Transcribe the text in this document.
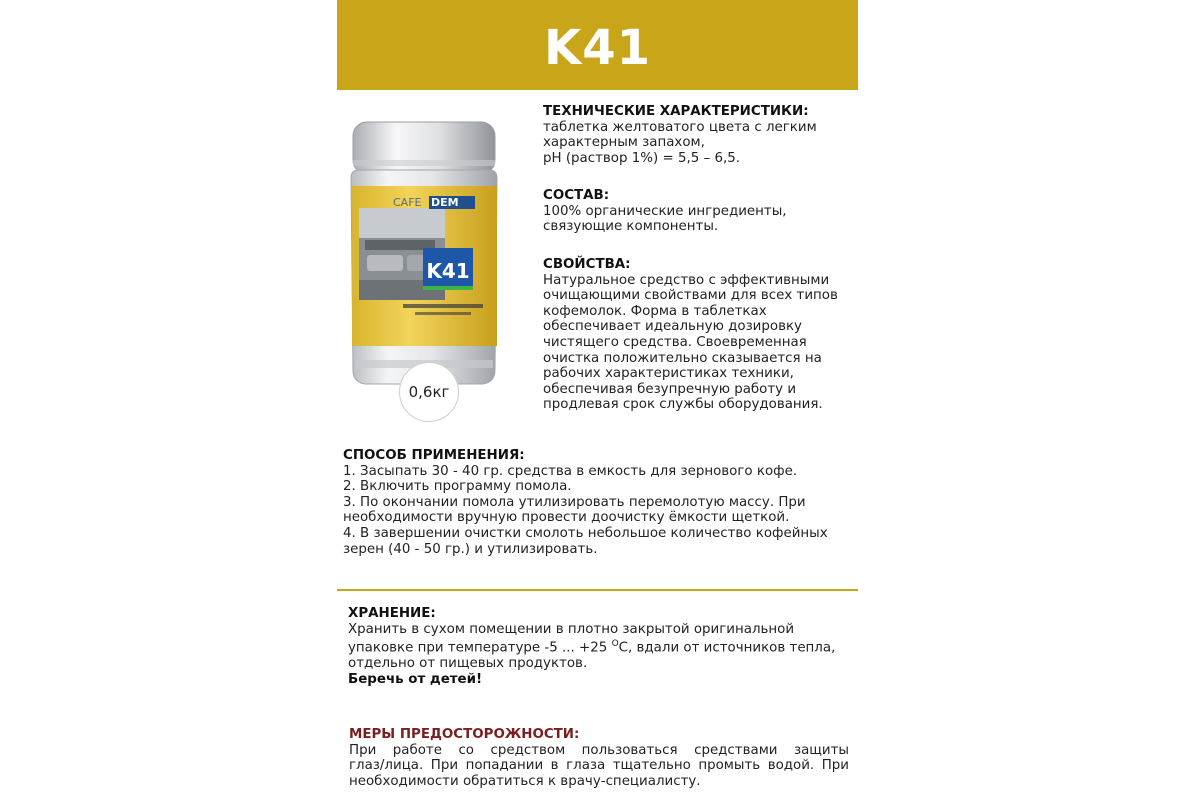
K41
CAFE DEM
K41
0,6кг
ТЕХНИЧЕСКИЕ ХАРАКТЕРИСТИКИ:
таблетка желтоватого цвета с легким
характерным запахом,
pH (раствор 1%) = 5,5 – 6,5.
СОСТАВ:
100% органические ингредиенты,
связующие компоненты.
СВОЙСТВА:
Натуральное средство с эффективными
очищающими свойствами для всех типов
кофемолок. Форма в таблетках
обеспечивает идеальную дозировку
чистящего средства. Своевременная
очистка положительно сказывается на
рабочих характеристиках техники,
обеспечивая безупречную работу и
продлевая срок службы оборудования.
СПОСОБ ПРИМЕНЕНИЯ:
1. Засыпать 30 - 40 гр. средства в емкость для зернового кофе.
2. Включить программу помола.
3. По окончании помола утилизировать перемолотую массу. При
необходимости вручную провести доочистку ёмкости щеткой.
4. В завершении очистки смолоть небольшое количество кофейных
зерен (40 - 50 гр.) и утилизировать.
ХРАНЕНИЕ:
Хранить в сухом помещении в плотно закрытой оригинальной
упаковке при температуре -5 ... +25 $^О$С, вдали от источников тепла,
отдельно от пищевых продуктов.
Беречь от детей!
МЕРЫ ПРЕДОСТОРОЖНОСТИ:
При работе со средством пользоваться средствами защиты
глаз/лица. При попадании в глаза тщательно промыть водой. При
необходимости обратиться к врачу-специалисту.
